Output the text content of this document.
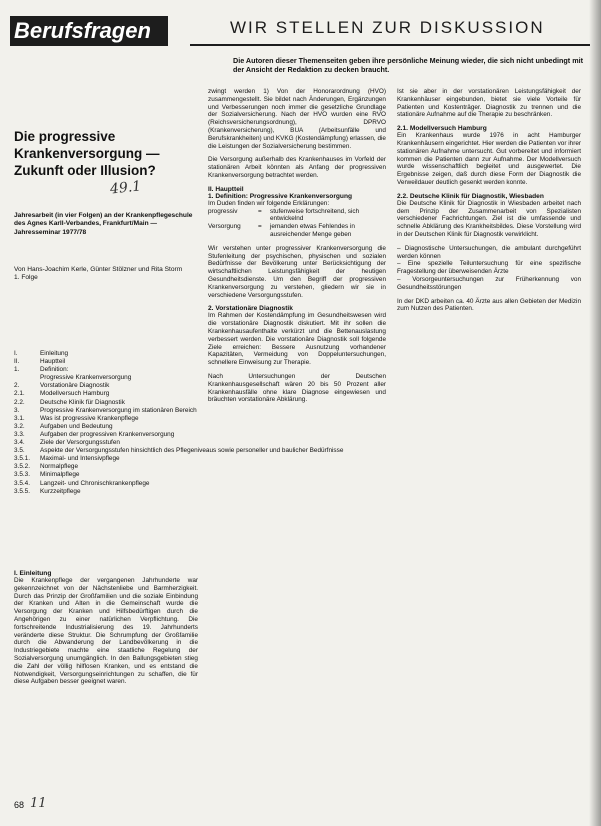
Berufsfragen	WIR STELLEN ZUR DISKUSSION
Die Autoren dieser Themenseiten geben ihre persönliche Meinung wieder, die sich nicht unbedingt mit der Ansicht der Redaktion zu decken braucht.
Die progressive Krankenversorgung — Zukunft oder Illusion?
49.1
Jahresarbeit (in vier Folgen) an der Krankenpflegeschule des Agnes Karll-Verbandes, Frankfurt/Main — Jahresseminar 1977/78
Von Hans-Joachim Kerle, Günter Stölzner und Rita Storm
1. Folge
I.	Einleitung
II.	Hauptteil
1.	Definition:
Progressive Krankenversorgung
2.	Vorstationäre Diagnostik
2.1.	Modellversuch Hamburg
2.2.	Deutsche Klinik für Diagnostik
3.	Progressive Krankenversorgung im stationären Bereich
3.1.	Was ist progressive Krankenpflege
3.2.	Aufgaben und Bedeutung
3.3.	Aufgaben der progressiven Krankenversorgung
3.4.	Ziele der Versorgungsstufen
3.5.	Aspekte der Versorgungsstufen hinsichtlich des Pflegeniveaus sowie personeller und baulicher Bedürfnisse
3.5.1.	Maximal- und Intensivpflege
3.5.2.	Normalpflege
3.5.3.	Minimalpflege
3.5.4.	Langzeit- und Chronischkrankenpflege
3.5.5.	Kurzzeitpflege
I. Einleitung

Die Krankenpflege der vergangenen Jahrhunderte war gekennzeichnet von der Nächstenliebe und Barmherzigkeit. Durch das Prinzip der Großfamilien und die soziale Einbindung der Kranken und Alten in die Gemeinschaft wurde die Versorgung der Kranken und Hilfsbedürftigen durch die Angehörigen zu einer natürlichen Verpflichtung. Die fortschreitende Industrialisierung des 19. Jahrhunderts veränderte diese Struktur. Die Schrumpfung der Großfamilie durch die Abwanderung der Landbevölkerung in die Industriegebiete machte eine staatliche Regelung der Sozialversorgung unumgänglich. In den Ballungsgebieten stieg die Zahl der völlig hilflosen Kranken, und es entstand die Notwendigkeit, Versorgungseinrichtungen zu schaffen, die für diese Aufgaben besser geeignet waren.

zwingt werden 1) Von der Honorarordnung (HVO) zusammengestellt. Sie bildet nach Änderungen, Ergänzungen und Verbesserungen noch immer die gesetzliche Grundlage der Sozialversicherung. Nach der HVO wurden eine RVO (Reichsversicherungsordnung), DPRVO (Krankenversicherung), BUA (Arbeitsunfälle und Berufskrankheiten) und KVKG (Kostendämpfung) erlassen, die die Leistungen der Sozialversicherung bestimmen.

Die Versorgung außerhalb des Krankenhauses im Vorfeld der stationären Arbeit könnten als Anfang der progressiven Krankenversorgung betrachtet werden.

II. Hauptteil
1. Definition: Progressive Krankenversorgung

Im Duden finden wir folgende Erklärungen:

progressiv	=	stufenweise fortschreitend, sich entwickelnd
Versorgung	=	jemanden etwas Fehlendes in ausreichender Menge geben

Wir verstehen unter progressiver Krankenversorgung die Stufenleitung der psychischen, physischen und sozialen Bedürfnisse der Bevölkerung unter Berücksichtigung der wirtschaftlichen Leistungsfähigkeit der heutigen Gesundheitsdienste. Um den Begriff der progressiven Krankenversorgung zu verstehen, gliedern wir sie in verschiedene Versorgungsstufen.

2. Vorstationäre Diagnostik

Im Rahmen der Kostendämpfung im Gesundheitswesen wird die vorstationäre Diagnostik diskutiert. Mit ihr sollen die Krankenhausaufenthalte verkürzt und die Bettenauslastung verbessert werden. Die vorstationäre Diagnostik soll folgende Ziele erreichen: Bessere Ausnutzung vorhandener Kapazitäten, Vermeidung von Doppeluntersuchungen, schnellere Einweisung zur Therapie.

Nach Untersuchungen der Deutschen Krankenhausgesellschaft wären 20 bis 50 Prozent aller Krankenhausfälle ohne klare Diagnose eingewiesen und bräuchten vorstationäre Abklärung.

Ist sie aber in der vorstationären Leistungsfähigkeit der Krankenhäuser eingebunden, bietet sie viele Vorteile für Patienten und Kostenträger. Diagnostik zu trennen und die stationäre Aufnahme auf die Therapie zu beschränken.

2.1. Modellversuch Hamburg

Ein Krankenhaus wurde 1976 in acht Hamburger Krankenhäusern eingerichtet. Hier werden die Patienten vor ihrer stationären Aufnahme untersucht. Gut vorbereitet und informiert kommen die Patienten dann zur Aufnahme. Der Modellversuch wurde wissenschaftlich begleitet und ausgewertet. Die Ergebnisse zeigen, daß durch diese Form der Diagnostik die Verweildauer deutlich gesenkt werden konnte.

2.2. Deutsche Klinik für Diagnostik, Wiesbaden

Die Deutsche Klinik für Diagnostik in Wiesbaden arbeitet nach dem Prinzip der Zusammenarbeit von Spezialisten verschiedener Fachrichtungen. Ziel ist die umfassende und schnelle Abklärung des Krankheitsbildes. Diese Vorstellung wird in der Deutschen Klinik für Diagnostik verwirklicht.

– Diagnostische Untersuchungen, die ambulant durchgeführt werden können

– Eine spezielle Teiluntersuchung für eine spezifische Fragestellung der überweisenden Ärzte

– Vorsorgeuntersuchungen zur Früherkennung von Gesundheitsstörungen

In der DKD arbeiten ca. 40 Ärzte aus allen Gebieten der Medizin zum Nutzen des Patienten.

68 11
